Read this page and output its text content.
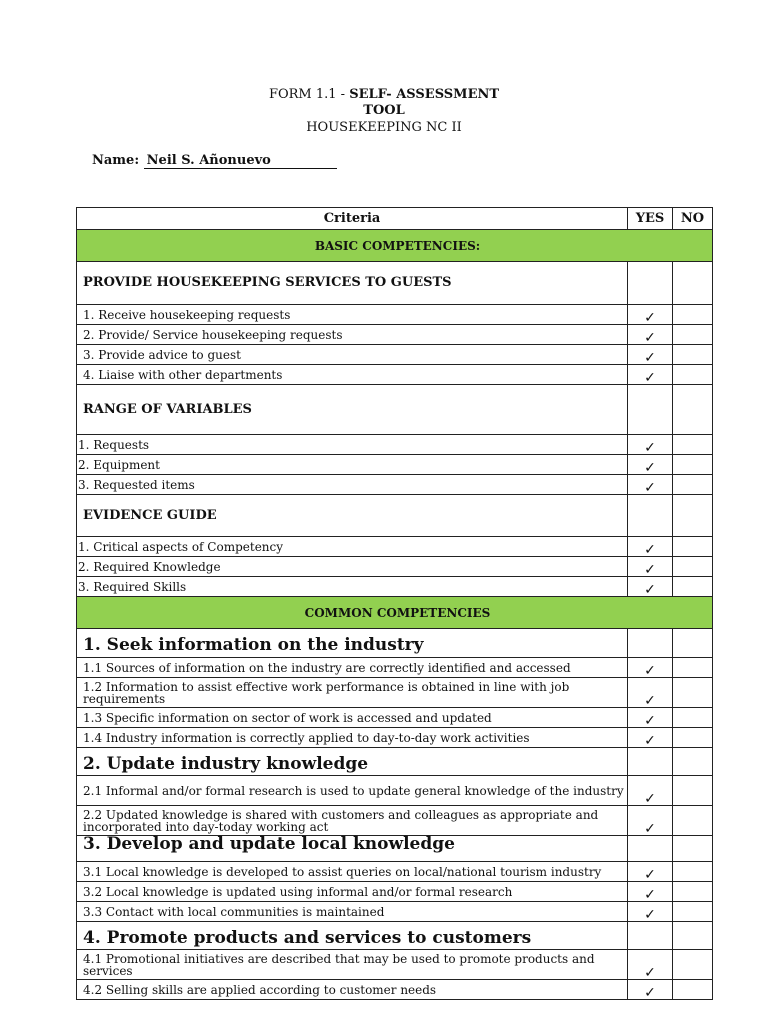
FORM 1.1 - SELF- ASSESSMENT
TOOL
HOUSEKEEPING NC II
Name: Neil S. Añonuevo
Criteria	YES	NO
BASIC COMPETENCIES:		
PROVIDE HOUSEKEEPING SERVICES TO GUESTS		
1. Receive housekeeping requests	✓	
2. Provide/ Service housekeeping requests	✓	
3. Provide advice to guest	✓	
4. Liaise with other departments	✓	
RANGE OF VARIABLES		
1. Requests	✓	
2. Equipment	✓	
3. Requested items	✓	
EVIDENCE GUIDE		
1. Critical aspects of Competency	✓	
2. Required Knowledge	✓	
3. Required Skills	✓	
COMMON COMPETENCIES		
1. Seek information on the industry		
1.1 Sources of information on the industry are correctly identified and accessed	✓	
1.2 Information to assist effective work performance is obtained in line with job requirements	✓	
1.3 Specific information on sector of work is accessed and updated	✓	
1.4 Industry information is correctly applied to day-to-day work activities	✓	
2. Update industry knowledge		
2.1 Informal and/or formal research is used to update general knowledge of the industry	✓	
2.2 Updated knowledge is shared with customers and colleagues as appropriate and incorporated into day-today working act	✓	
3. Develop and update local knowledge		
3.1 Local knowledge is developed to assist queries on local/national tourism industry	✓	
3.2 Local knowledge is updated using informal and/or formal research	✓	
3.3 Contact with local communities is maintained	✓	
4. Promote products and services to customers		
4.1 Promotional initiatives are described that may be used to promote products and services	✓	
4.2 Selling skills are applied according to customer needs	✓	
